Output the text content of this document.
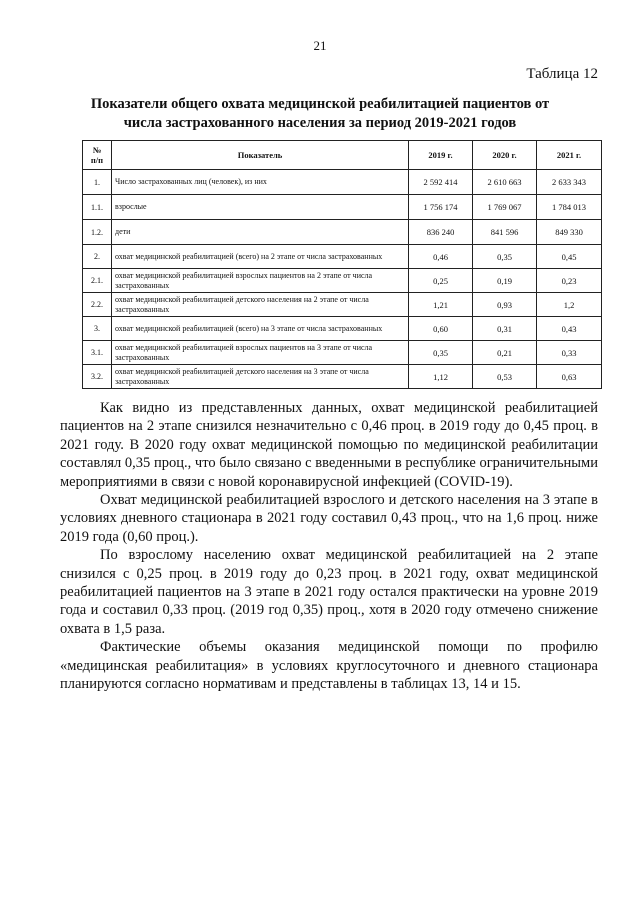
21
Таблица 12
Показатели общего охвата медицинской реабилитацией пациентов от
числа застрахованного населения за период 2019-2021 годов
№
п/п	Показатель	2019 г.	2020 г.	2021 г.
1.	Число застрахованных лиц (человек), из них	2 592 414	2 610 663	2 633 343
1.1.	взрослые	1 756 174	1 769 067	1 784 013
1.2.	дети	836 240	841 596	849 330
2.	охват медицинской реабилитацией (всего) на 2 этапе от числа застрахованных	0,46	0,35	0,45
2.1.	охват медицинской реабилитацией взрослых пациентов на 2 этапе от числа застрахованных	0,25	0,19	0,23
2.2.	охват медицинской реабилитацией детского населения на 2 этапе от числа застрахованных	1,21	0,93	1,2
3.	охват медицинской реабилитацией (всего) на 3 этапе от числа застрахованных	0,60	0,31	0,43
3.1.	охват медицинской реабилитацией взрослых пациентов на 3 этапе от числа застрахованных	0,35	0,21	0,33
3.2.	охват медицинской реабилитацией детского населения на 3 этапе от числа застрахованных	1,12	0,53	0,63

Как видно из представленных данных, охват медицинской реабилитацией пациентов на 2 этапе снизился незначительно с 0,46 проц. в 2019 году до 0,45 проц. в 2021 году. В 2020 году охват медицинской помощью по медицинской реабилитации составлял 0,35 проц., что было связано с введенными в республике ограничительными мероприятиями в связи с новой коронавирусной инфекцией (COVID-19).

Охват медицинской реабилитацией взрослого и детского населения на 3 этапе в условиях дневного стационара в 2021 году составил 0,43 проц., что на 1,6 проц. ниже 2019 года (0,60 проц.).

По взрослому населению охват медицинской реабилитацией на 2 этапе снизился с 0,25 проц. в 2019 году до 0,23 проц. в 2021 году, охват медицинской реабилитацией пациентов на 3 этапе в 2021 году остался практически на уровне 2019 года и составил 0,33 проц. (2019 год 0,35) проц., хотя в 2020 году отмечено снижение охвата в 1,5 раза.

Фактические объемы оказания медицинской помощи по профилю «медицинская реабилитация» в условиях круглосуточного и дневного стационара планируются согласно нормативам и представлены в таблицах 13, 14 и 15.
